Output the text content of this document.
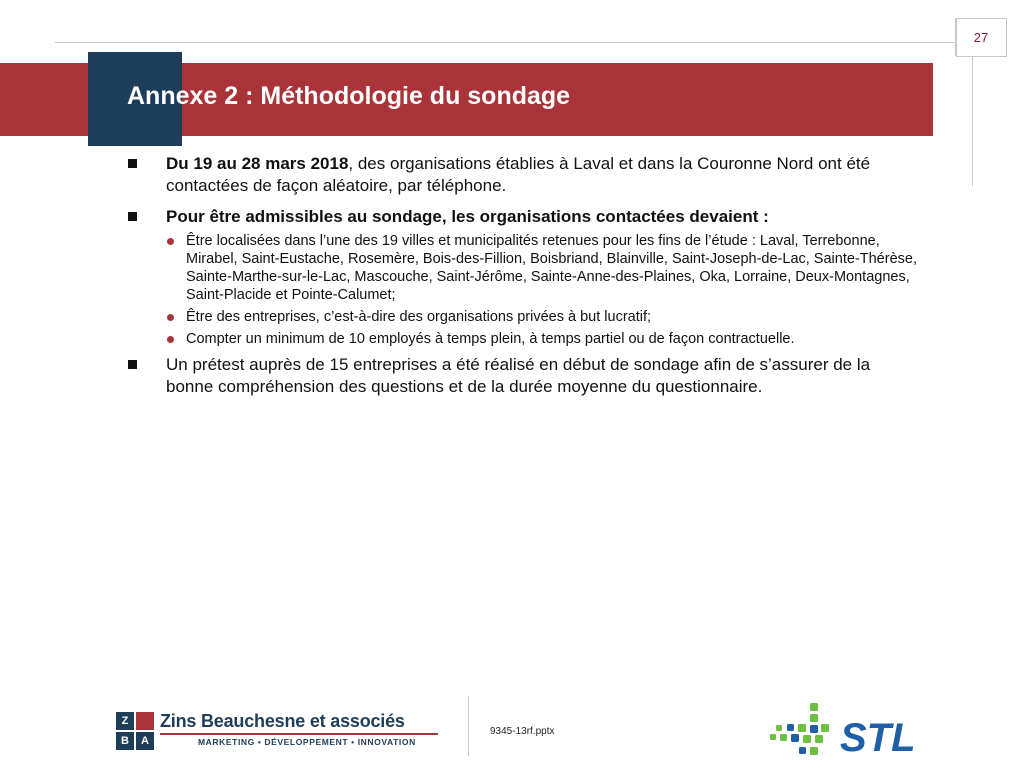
27
Annexe 2 : Méthodologie du sondage
Du 19 au 28 mars 2018, des organisations établies à Laval et dans la Couronne Nord ont été contactées de façon aléatoire, par téléphone.
Pour être admissibles au sondage, les organisations contactées devaient :
Être localisées dans l’une des 19 villes et municipalités retenues pour les fins de l’étude : Laval, Terrebonne, Mirabel, Saint-Eustache, Rosemère, Bois-des-Fillion, Boisbriand, Blainville, Saint-Joseph-de-Lac, Sainte-Thérèse, Sainte-Marthe-sur-le-Lac, Mascouche, Saint-Jérôme, Sainte-Anne-des-Plaines, Oka, Lorraine, Deux-Montagnes, Saint-Placide et Pointe-Calumet;
Être des entreprises, c’est-à-dire des organisations privées à but lucratif;
Compter un minimum de 10 employés à temps plein, à temps partiel ou de façon contractuelle.
Un prétest auprès de 15 entreprises a été réalisé en début de sondage afin de s’assurer de la bonne compréhension des questions et de la durée moyenne du questionnaire.
Z
B	A
Zins Beauchesne et associés
MARKETING • DÉVELOPPEMENT • INNOVATION
9345-13rf.pptx	STL
